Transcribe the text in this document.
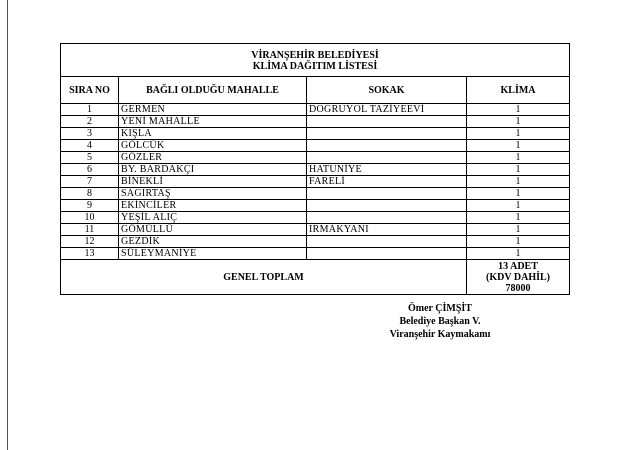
VİRANŞEHİR BELEDİYESİ
KLİMA DAĞITIM LİSTESİ			

SIRA NO	BAĞLI OLDUĞU MAHALLE	SOKAK	KLİMA
1	GERMEN	DOĞRUYOL TAZİYEEVİ	1
2	YENİ MAHALLE		1
3	KIŞLA		1
4	GÖLCÜK		1
5	GÖZLER		1
6	BY. BARDAKÇI	HATUNİYE	1
7	BİNEKLİ	FARELİ	1
8	SAĞIRTAŞ		1
9	EKİNCİLER		1
10	YEŞİL ALIÇ		1
11	GÖMÜLLÜ	IRMAKYANI	1
12	GEZDİK		1
13	SÜLEYMANİYE		1
GENEL TOPLAM			13 ADET
(KDV DAHİL)
78000
Ömer ÇİMŞİT
Belediye Başkan V.
Viranşehir Kaymakamı
